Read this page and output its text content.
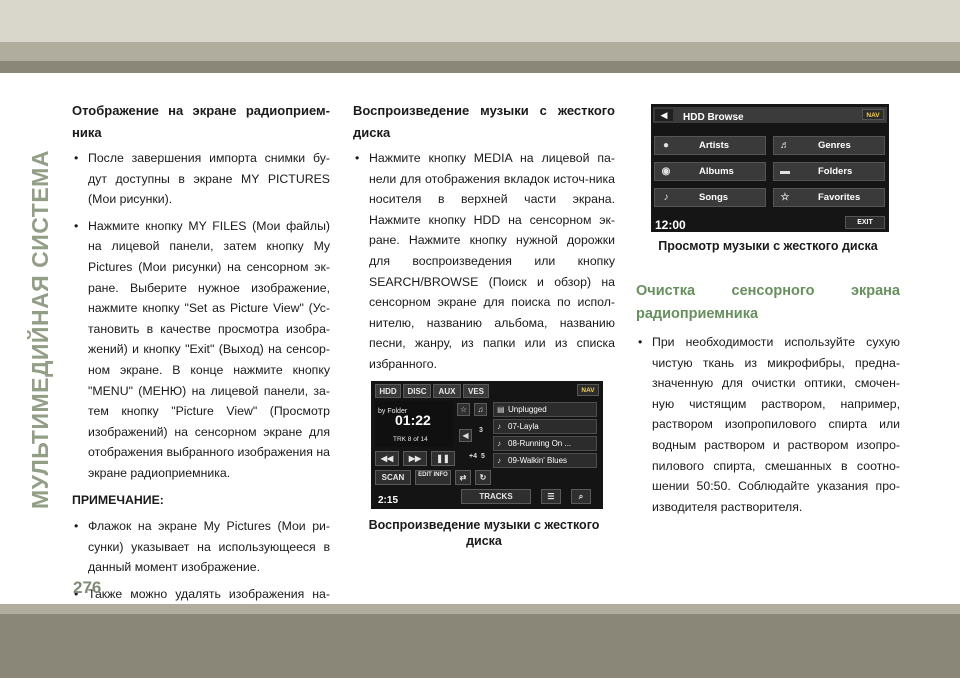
МУЛЬТИМЕДИЙНАЯ СИСТЕМА
Отображение на экране радиоприем-ника
• После завершения импорта снимки бу-дут доступны в экране MY PICTURES (Мои рисунки).
• Нажмите кнопку MY FILES (Мои файлы) на лицевой панели, затем кнопку My Pictures (Мои рисунки) на сенсорном эк-ране. Выберите нужное изображение, нажмите кнопку "Set as Picture View" (Ус-тановить в качестве просмотра изобра-жений) и кнопку "Exit" (Выход) на сенсор-ном экране. В конце нажмите кнопку "MENU" (МЕНЮ) на лицевой панели, за-тем кнопку "Picture View" (Просмотр изображений) на сенсорном экране для отображения выбранного изображения на экране радиоприемника.
ПРИМЕЧАНИЕ:
• Флажок на экране My Pictures (Мои ри-сунки) указывает на использующееся в данный момент изображение.
• Также можно удалять изображения на-
Воспроизведение музыки с жесткого диска
• Нажмите кнопку MEDIA на лицевой па-нели для отображения вкладок источ-ника носителя в верхней части экрана. Нажмите кнопку HDD на сенсорном эк-ране. Нажмите кнопку нужной дорожки для воспроизведения или кнопку SEARCH/BROWSE (Поиск и обзор) на сенсорном экране для поиска по испол-нителю, названию альбома, названию песни, жанру, из папки или из списка избранного.
HDD	DISC	AUX	VES	NAV
by Folder
01:22
TRK 8 of 14
☆	♫
3
◀
+4 5
▤ Unplugged
♪ 07-Layla
♪ 08-Running On ...
♪ 09-Walkin' Blues
◀◀	▶▶	❚❚
SCAN	EDIT INFO	⇄	↻
2:15	TRACKS	☰	⌕
Воспроизведение музыки с жесткого диска
◀	HDD Browse	NAV
●	Artists	♬	Genres
◉	Albums	▬	Folders
♪	Songs	☆	Favorites
12:00	EXIT
Просмотр музыки с жесткого диска
Очистка сенсорного экрана радиоприемника
• При необходимости используйте сухую чистую ткань из микрофибры, предна-значенную для очистки оптики, смочен-ную чистящим раствором, например, раствором изопропилового спирта или водным раствором и раствором изопро-пилового спирта, смешанных в соотно-шении 50:50. Соблюдайте указания про-изводителя растворителя.
276
